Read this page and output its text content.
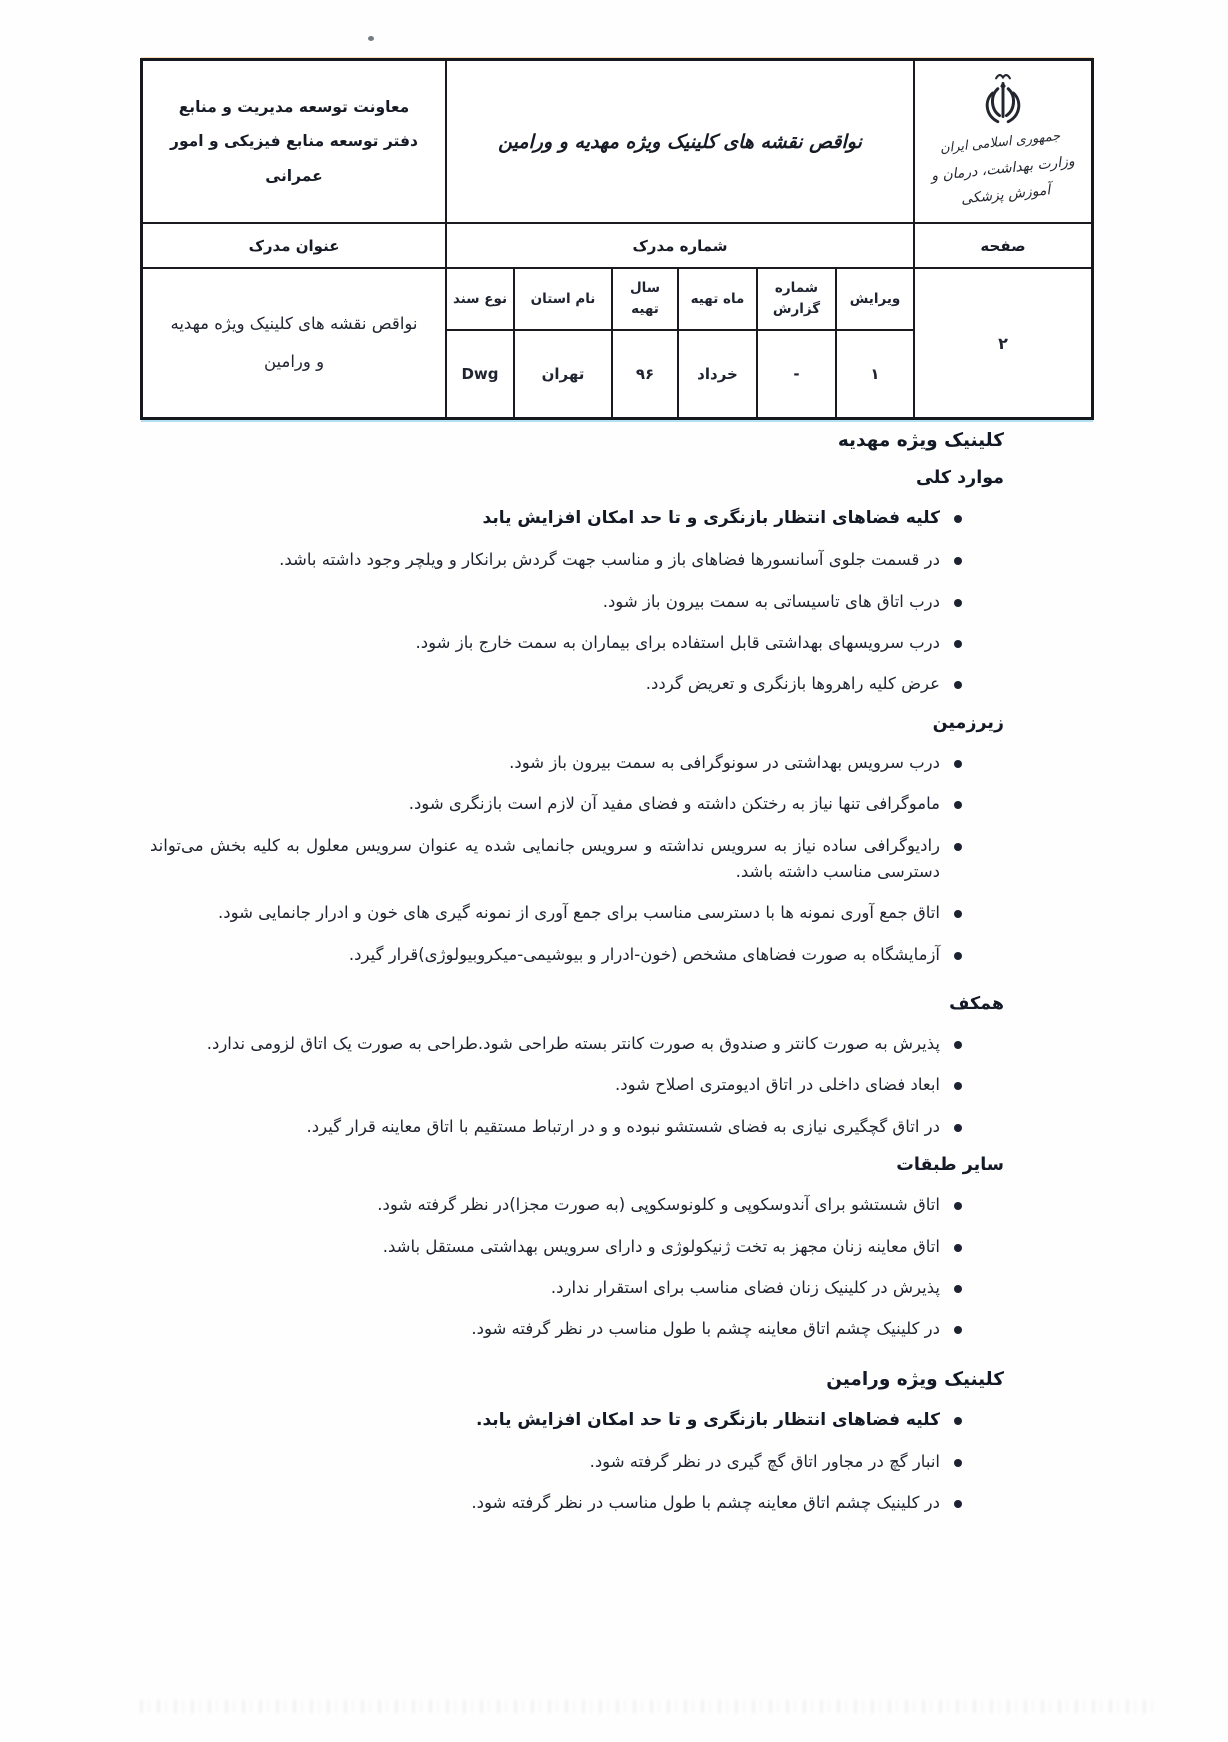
جمهوری اسلامی ایران
وزارت بهداشت، درمان و آموزش پزشکی
نواقص نقشه های کلینیک ویژه مهدیه و ورامین
معاونت توسعه مدیریت و منابع
دفتر توسعه منابع فیزیکی و امور عمرانی
صفحه
شماره مدرک
عنوان مدرک
۲
ویرایش
شماره گزارش
ماه تهیه
سال تهیه
نام استان
نوع سند
۱
-
خرداد
۹۶
تهران
Dwg
نواقص نقشه های کلینیک ویژه مهدیه و ورامین
کلینیک ویژه مهدیه
موارد کلی
کلیه فضاهای انتظار بازنگری و تا حد امکان افزایش یابد
در قسمت جلوی آسانسورها فضاهای باز و مناسب جهت گردش برانکار و ویلچر وجود داشته باشد.
درب اتاق های تاسیساتی به سمت بیرون باز شود.
درب سرویسهای بهداشتی قابل استفاده برای بیماران به سمت خارج باز شود.
عرض کلیه راهروها بازنگری و تعریض گردد.
زیرزمین
درب سرویس بهداشتی در سونوگرافی به سمت بیرون باز شود.
ماموگرافی تنها نیاز به رختکن داشته و فضای مفید آن لازم است بازنگری شود.
رادیوگرافی ساده نیاز به سرویس نداشته و سرویس جانمایی شده یه عنوان سرویس معلول به کلیه بخش می‌تواند دسترسی مناسب داشته باشد.
اتاق جمع آوری نمونه ها با دسترسی مناسب برای جمع آوری از نمونه گیری های خون و ادرار جانمایی شود.
آزمایشگاه به صورت فضاهای مشخص (خون-ادرار و بیوشیمی-میکروبیولوژی)قرار گیرد.
همکف
پذیرش به صورت کانتر و صندوق به صورت کانتر بسته طراحی شود.طراحی به صورت یک اتاق لزومی ندارد.
ابعاد فضای داخلی در اتاق ادیومتری اصلاح شود.
در اتاق گچگیری نیازی به فضای شستشو نبوده و و در ارتباط مستقیم با اتاق معاینه قرار گیرد.
سایر طبقات
اتاق شستشو برای آندوسکوپی و کلونوسکوپی (به صورت مجزا)در نظر گرفته شود.
اتاق معاینه زنان مجهز به تخت ژنیکولوژی و دارای سرویس بهداشتی مستقل باشد.
پذیرش در کلینیک زنان فضای مناسب برای استقرار ندارد.
در کلینیک چشم اتاق معاینه چشم با طول مناسب در نظر گرفته شود.
کلینیک ویژه ورامین
کلیه فضاهای انتظار بازنگری و تا حد امکان افزایش یابد.
انبار گچ در مجاور اتاق گچ گیری در نظر گرفته شود.
در کلینیک چشم اتاق معاینه چشم با طول مناسب در نظر گرفته شود.
